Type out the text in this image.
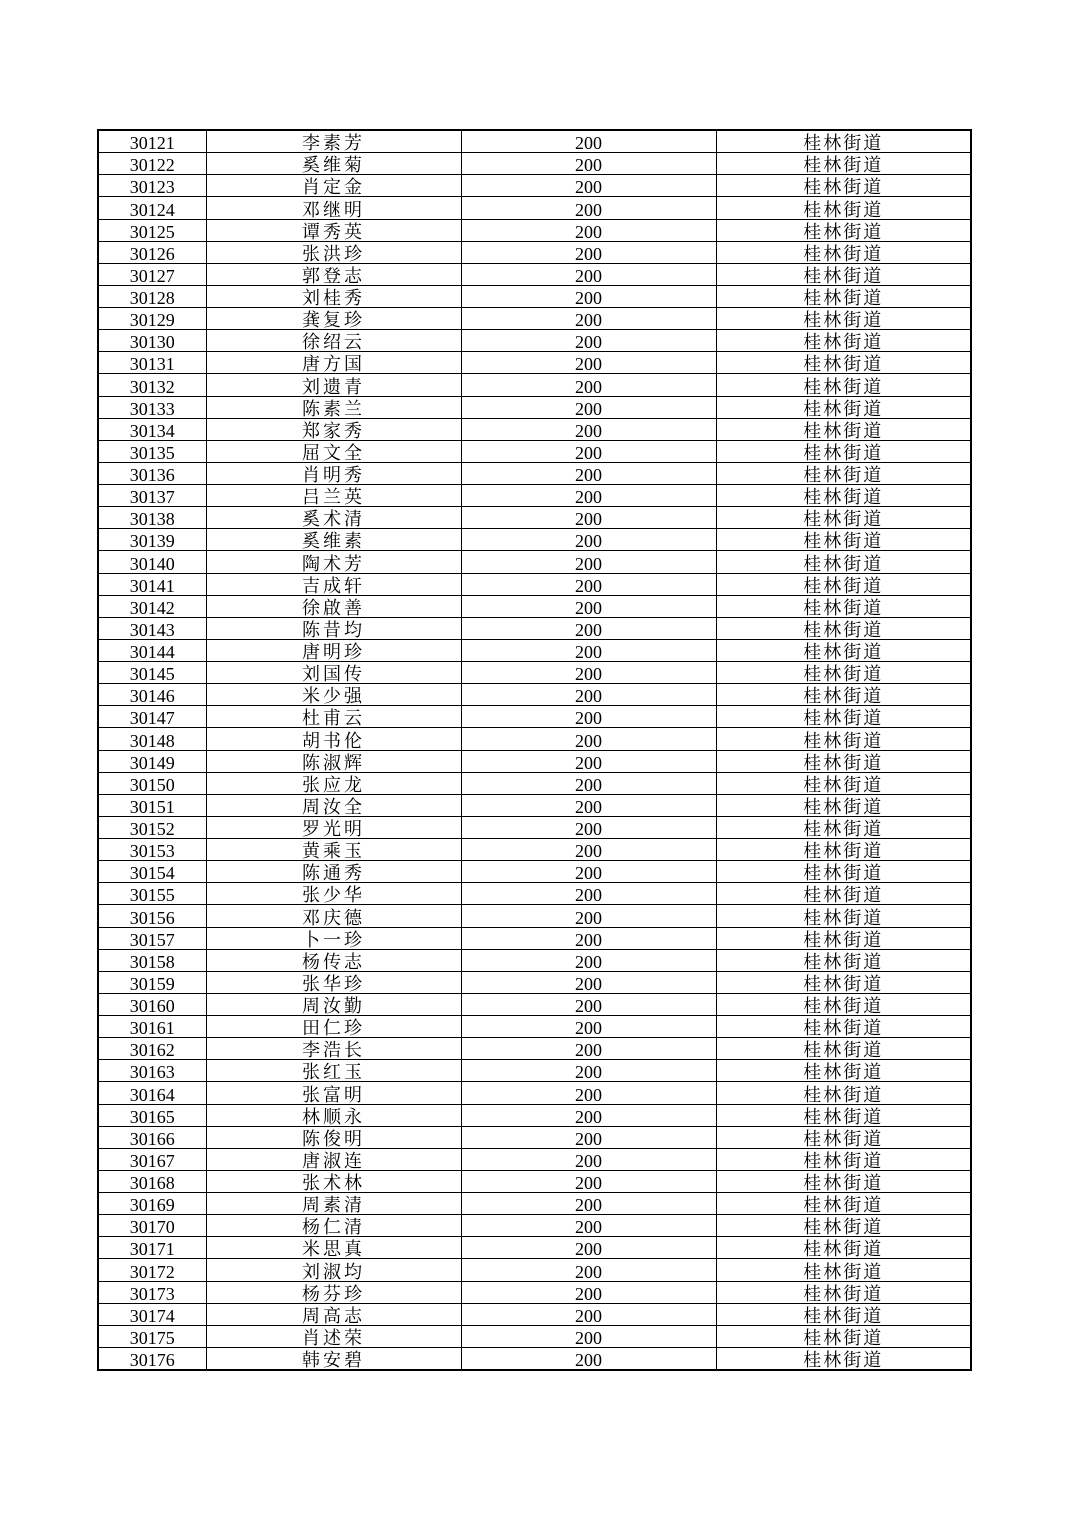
30121	李素芳	200	桂林街道
30122	奚维菊	200	桂林街道
30123	肖定金	200	桂林街道
30124	邓继明	200	桂林街道
30125	谭秀英	200	桂林街道
30126	张洪珍	200	桂林街道
30127	郭登志	200	桂林街道
30128	刘桂秀	200	桂林街道
30129	龚复珍	200	桂林街道
30130	徐绍云	200	桂林街道
30131	唐方国	200	桂林街道
30132	刘遗青	200	桂林街道
30133	陈素兰	200	桂林街道
30134	郑家秀	200	桂林街道
30135	屈文全	200	桂林街道
30136	肖明秀	200	桂林街道
30137	吕兰英	200	桂林街道
30138	奚术清	200	桂林街道
30139	奚维素	200	桂林街道
30140	陶术芳	200	桂林街道
30141	吉成轩	200	桂林街道
30142	徐啟善	200	桂林街道
30143	陈昔均	200	桂林街道
30144	唐明珍	200	桂林街道
30145	刘国传	200	桂林街道
30146	米少强	200	桂林街道
30147	杜甫云	200	桂林街道
30148	胡书伦	200	桂林街道
30149	陈淑辉	200	桂林街道
30150	张应龙	200	桂林街道
30151	周汝全	200	桂林街道
30152	罗光明	200	桂林街道
30153	黄乘玉	200	桂林街道
30154	陈通秀	200	桂林街道
30155	张少华	200	桂林街道
30156	邓庆德	200	桂林街道
30157	卜一珍	200	桂林街道
30158	杨传志	200	桂林街道
30159	张华珍	200	桂林街道
30160	周汝勤	200	桂林街道
30161	田仁珍	200	桂林街道
30162	李浩长	200	桂林街道
30163	张红玉	200	桂林街道
30164	张富明	200	桂林街道
30165	林顺永	200	桂林街道
30166	陈俊明	200	桂林街道
30167	唐淑连	200	桂林街道
30168	张术林	200	桂林街道
30169	周素清	200	桂林街道
30170	杨仁清	200	桂林街道
30171	米思真	200	桂林街道
30172	刘淑均	200	桂林街道
30173	杨芬珍	200	桂林街道
30174	周高志	200	桂林街道
30175	肖述荣	200	桂林街道
30176	韩安碧	200	桂林街道
